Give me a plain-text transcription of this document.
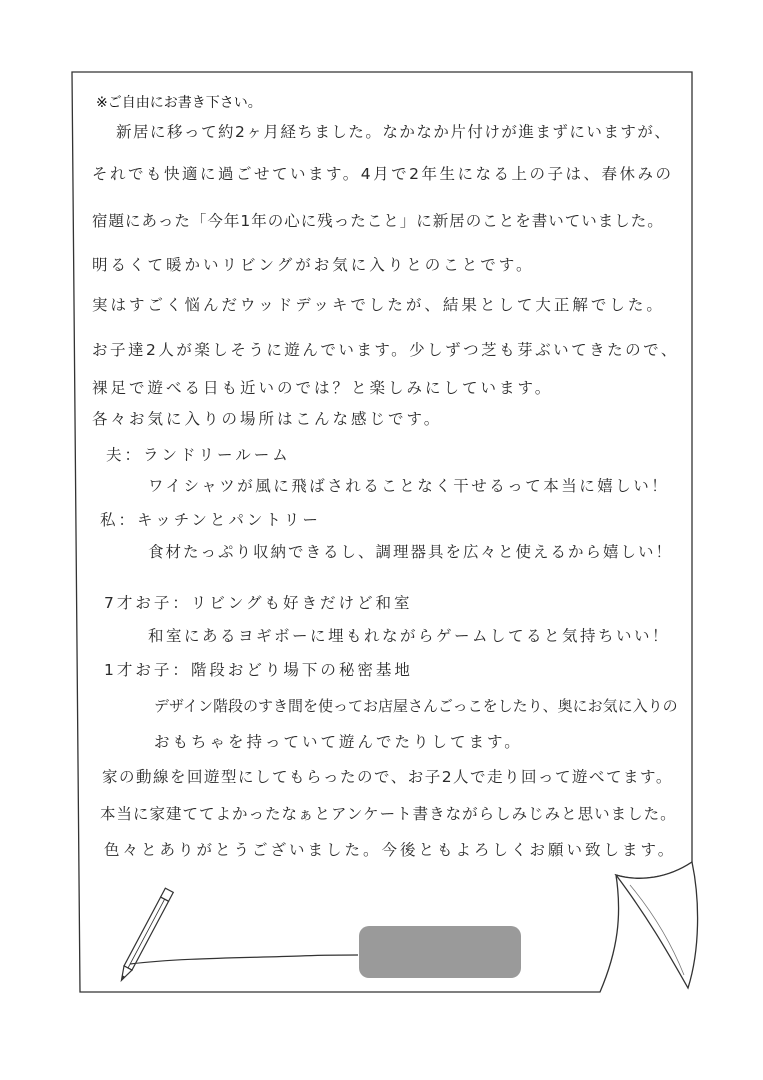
※ご自由にお書き下さい。
新居に移って約2ヶ月経ちました。なかなか片付けが進まずにいますが、
それでも快適に過ごせています。4月で2年生になる上の子は、春休みの
宿題にあった「今年1年の心に残ったこと」に新居のことを書いていました。
明るくて暖かいリビングがお気に入りとのことです。
実はすごく悩んだウッドデッキでしたが、結果として大正解でした。
お子達2人が楽しそうに遊んでいます。少しずつ芝も芽ぶいてきたので、
裸足で遊べる日も近いのでは？と楽しみにしています。
各々お気に入りの場所はこんな感じです。
夫：ランドリールーム
ワイシャツが風に飛ばされることなく干せるって本当に嬉しい！
私：キッチンとパントリー
食材たっぷり収納できるし、調理器具を広々と使えるから嬉しい！
7才お子：リビングも好きだけど和室
和室にあるヨギボーに埋もれながらゲームしてると気持ちいい！
1才お子：階段おどり場下の秘密基地
デザイン階段のすき間を使ってお店屋さんごっこをしたり、奥にお気に入りの
おもちゃを持っていて遊んでたりしてます。
家の動線を回遊型にしてもらったので、お子2人で走り回って遊べてます。
本当に家建ててよかったなぁとアンケート書きながらしみじみと思いました。
色々とありがとうございました。今後ともよろしくお願い致します。
